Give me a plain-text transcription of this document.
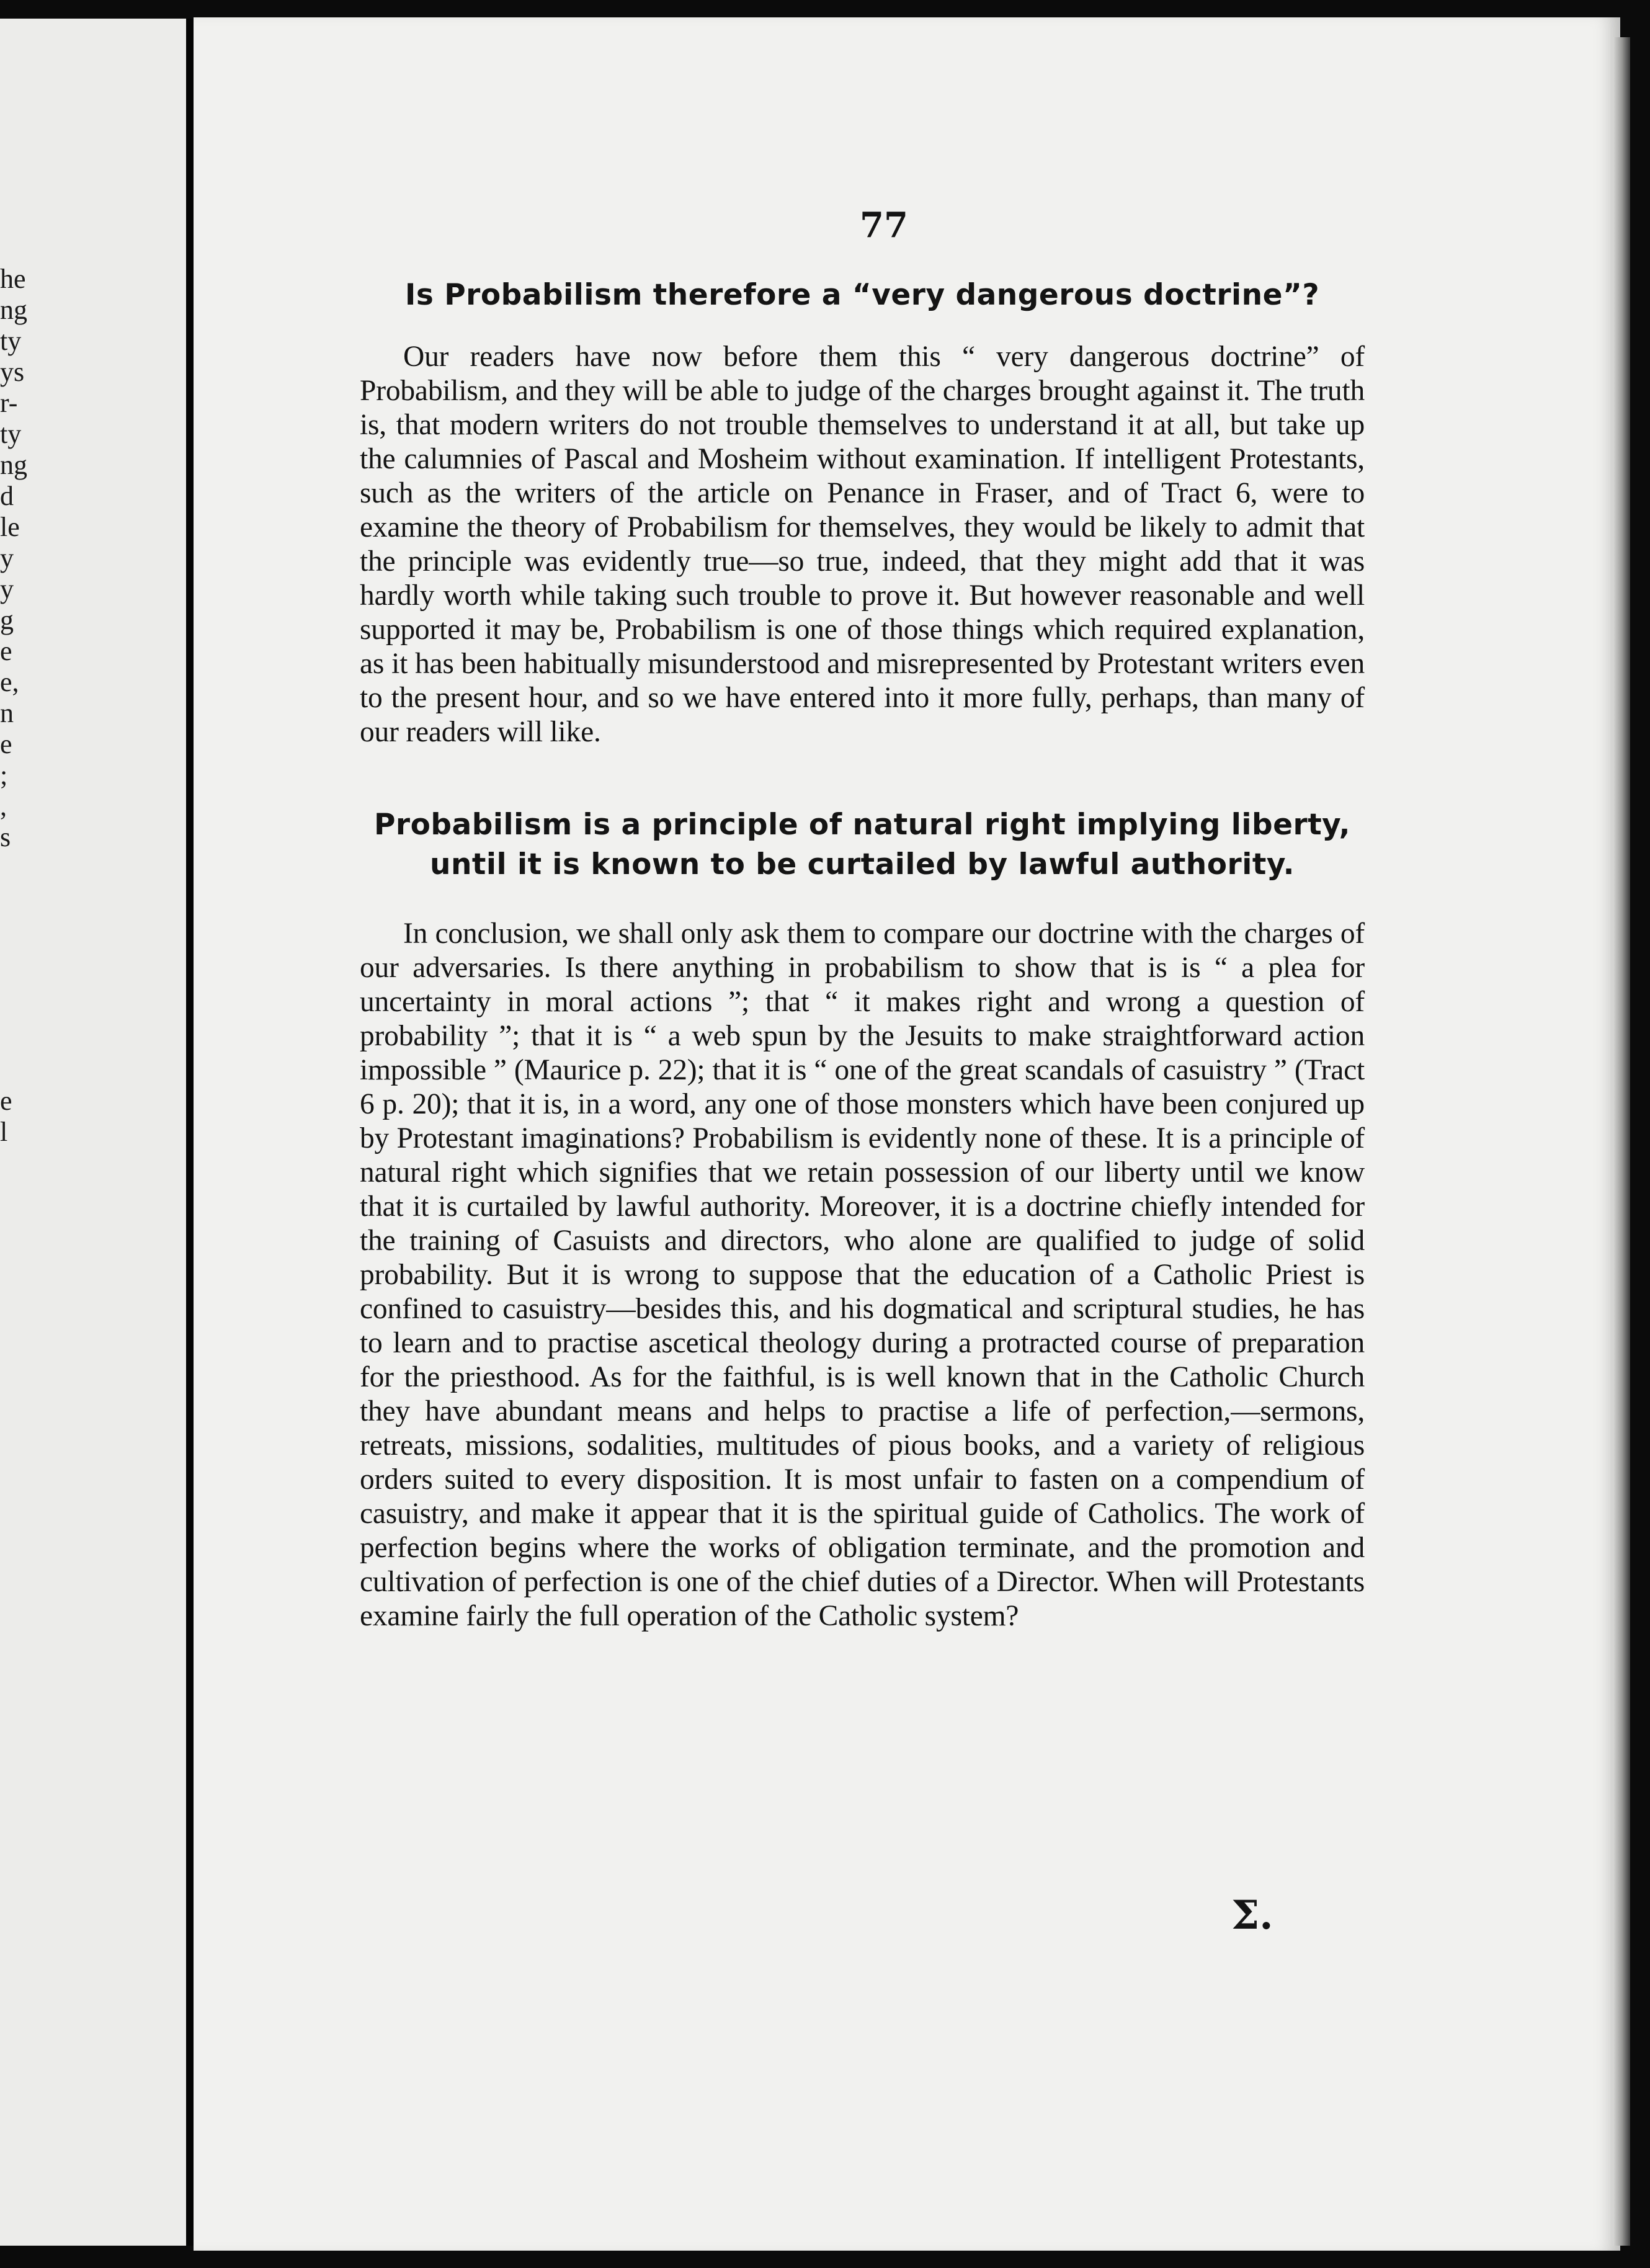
he
ng
ty
ys
r-
ty
ng
d
le
y
y
g
e
e,
n
e
;
,
s
e
l
77
Is Probabilism therefore a “very dangerous doctrine”?

Our readers have now before them this “ very dangerous doctrine” of Probabilism, and they will be able to judge of the charges brought against it. The truth is, that modern writers do not trouble themselves to understand it at all, but take up the calumnies of Pascal and Mosheim without examination. If intelligent Protestants, such as the writers of the article on Penance in Fraser, and of Tract 6, were to examine the theory of Probabilism for themselves, they would be likely to admit that the principle was evidently true—so true, indeed, that they might add that it was hardly worth while taking such trouble to prove it. But however reasonable and well supported it may be, Probabilism is one of those things which required explanation, as it has been habitually misunderstood and misrepresented by Protestant writers even to the present hour, and so we have entered into it more fully, perhaps, than many of our readers will like.

Probabilism is a principle of natural right implying liberty, until it is known to be curtailed by lawful authority.

In conclusion, we shall only ask them to compare our doctrine with the charges of our adversaries. Is there anything in probabilism to show that is is “ a plea for uncertainty in moral actions ”; that “ it makes right and wrong a question of probability ”; that it is “ a web spun by the Jesuits to make straightforward action impossible ” (Maurice p. 22); that it is “ one of the great scandals of casuistry ” (Tract 6 p. 20); that it is, in a word, any one of those monsters which have been conjured up by Protestant imaginations? Probabilism is evidently none of these. It is a principle of natural right which signifies that we retain possession of our liberty until we know that it is curtailed by lawful authority. Moreover, it is a doctrine chiefly intended for the training of Casuists and directors, who alone are qualified to judge of solid probability. But it is wrong to suppose that the education of a Catholic Priest is confined to casuistry—besides this, and his dogmatical and scriptural studies, he has to learn and to practise ascetical theology during a protracted course of preparation for the priesthood. As for the faithful, is is well known that in the Catholic Church they have abundant means and helps to practise a life of perfection,—sermons, retreats, missions, sodalities, multitudes of pious books, and a variety of religious orders suited to every disposition. It is most unfair to fasten on a compendium of casuistry, and make it appear that it is the spiritual guide of Catholics. The work of perfection begins where the works of obligation terminate, and the promotion and cultivation of perfection is one of the chief duties of a Director. When will Protestants examine fairly the full operation of the Catholic system?

Σ.
